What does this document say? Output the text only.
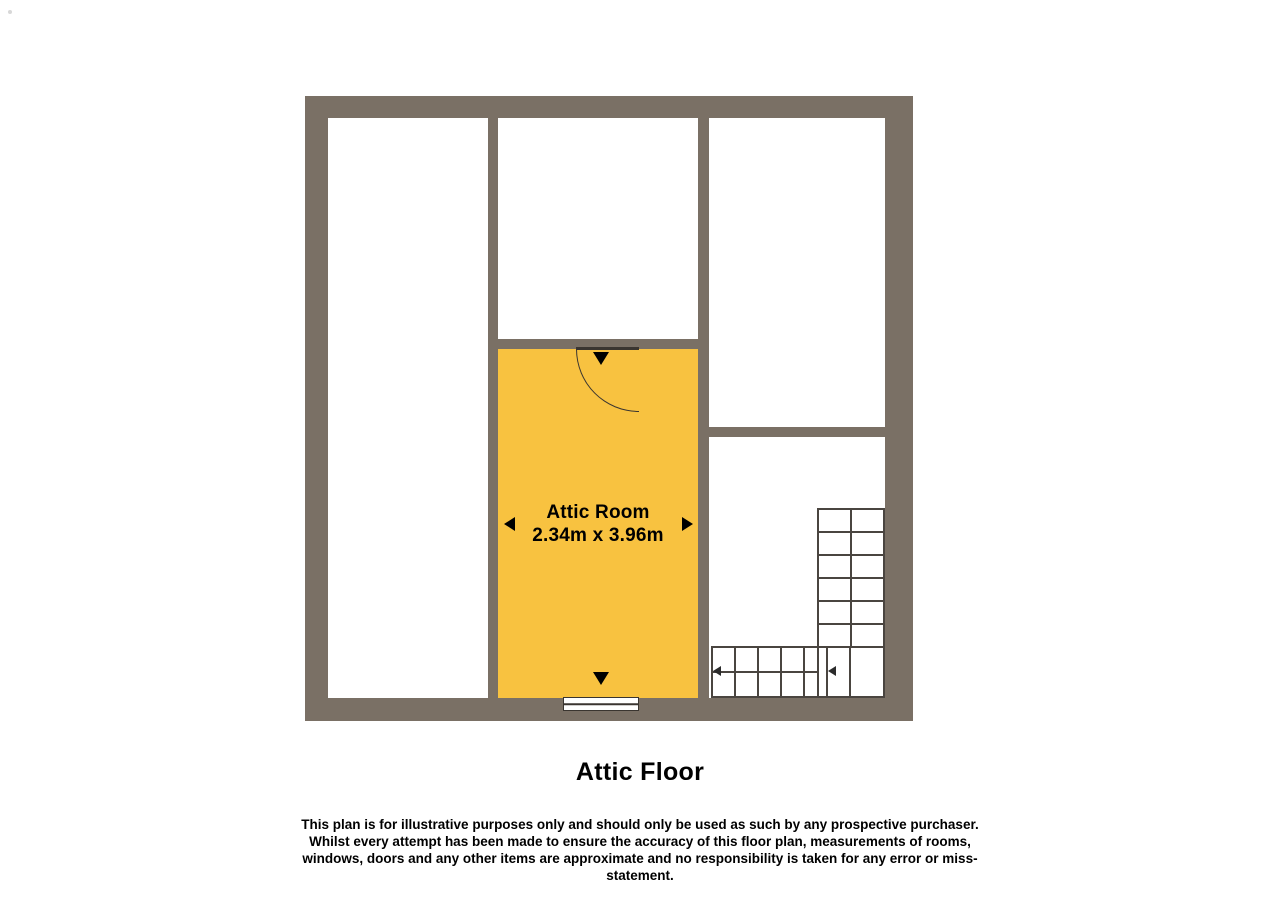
Attic Room
2.34m x 3.96m
Attic Floor
This plan is for illustrative purposes only and should only be used as such by any prospective purchaser. Whilst every attempt has been made to ensure the accuracy of this floor plan, measurements of rooms, windows, doors and any other items are approximate and no responsibility is taken for any error or miss-statement.
